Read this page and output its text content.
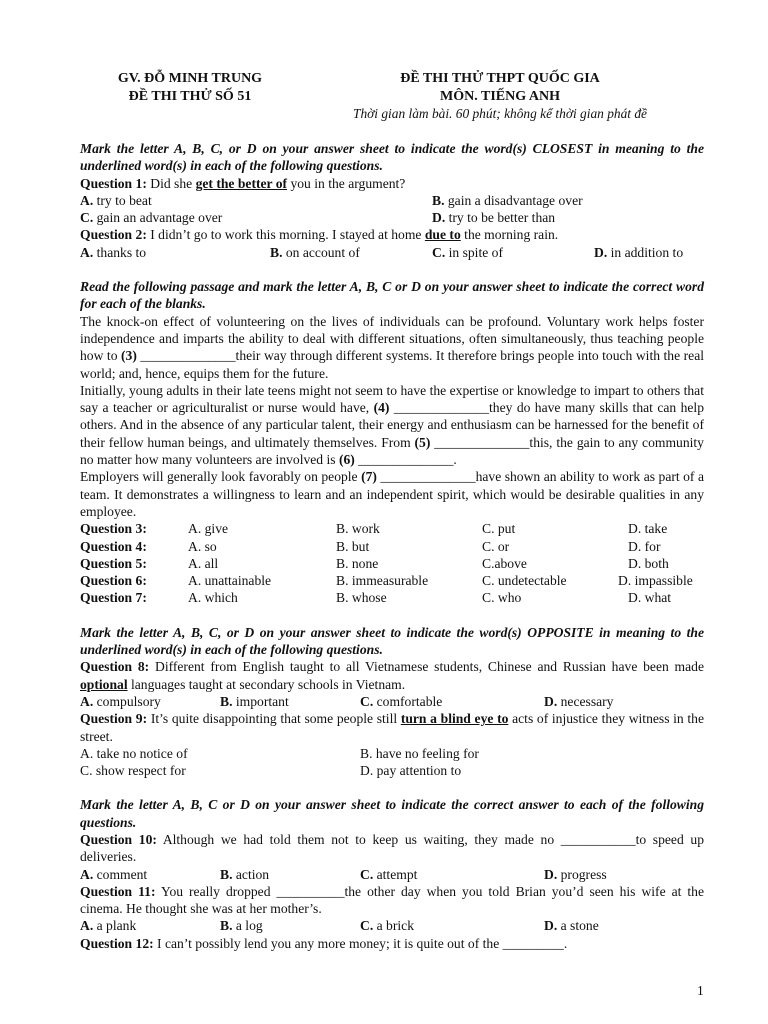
GV. ĐỖ MINH TRUNG
ĐỀ THI THỬ SỐ 51
ĐỀ THI THỬ THPT QUỐC GIA
MÔN. TIẾNG ANH
Thời gian làm bài. 60 phút; không kể thời gian phát đề
Mark the letter A, B, C, or D on your answer sheet to indicate the word(s) CLOSEST in meaning to the underlined word(s) in each of the following questions.
Question 1: Did she get the better of you in the argument?
A. try to beat	B. gain a disadvantage over
C. gain an advantage over	D. try to be better than
Question 2: I didn’t go to work this morning. I stayed at home due to the morning rain.
A. thanks to	B. on account of	C. in spite of	D. in addition to
Read the following passage and mark the letter A, B, C or D on your answer sheet to indicate the correct word for each of the blanks.
The knock-on effect of volunteering on the lives of individuals can be profound. Voluntary work helps foster independence and imparts the ability to deal with different situations, often simultaneously, thus teaching people how to (3) ______________their way through different systems. It therefore brings people into touch with the real world; and, hence, equips them for the future.
Initially, young adults in their late teens might not seem to have the expertise or knowledge to impart to others that say a teacher or agriculturalist or nurse would have, (4) ______________they do have many skills that can help others. And in the absence of any particular talent, their energy and enthusiasm can be harnessed for the benefit of their fellow human beings, and ultimately themselves. From (5) ______________this, the gain to any community no matter how many volunteers are involved is (6) ______________.
Employers will generally look favorably on people (7) ______________have shown an ability to work as part of a team. It demonstrates a willingness to learn and an independent spirit, which would be desirable qualities in any employee.
Question 3:	A. give	B. work	C. put	D. take
Question 4:	A. so	B. but	C. or	D. for
Question 5:	A. all	B. none	C.above	D. both
Question 6:	A. unattainable	B. immeasurable	C. undetectable	D. impassible
Question 7:	A. which	B. whose	C. who	D. what
Mark the letter A, B, C, or D on your answer sheet to indicate the word(s) OPPOSITE in meaning to the underlined word(s) in each of the following questions.
Question 8: Different from English taught to all Vietnamese students, Chinese and Russian have been made optional languages taught at secondary schools in Vietnam.
A. compulsory	B. important	C. comfortable	D. necessary
Question 9: It’s quite disappointing that some people still turn a blind eye to acts of injustice they witness in the street.
A. take no notice of	B. have no feeling for
C. show respect for	D. pay attention to
Mark the letter A, B, C or D on your answer sheet to indicate the correct answer to each of the following questions.
Question 10: Although we had told them not to keep us waiting, they made no ___________to speed up deliveries.
A. comment	B. action	C. attempt	D. progress
Question 11: You really dropped __________the other day when you told Brian you’d seen his wife at the cinema. He thought she was at her mother’s.
A. a plank	B. a log	C. a brick	D. a stone
Question 12: I can’t possibly lend you any more money; it is quite out of the _________.
1
